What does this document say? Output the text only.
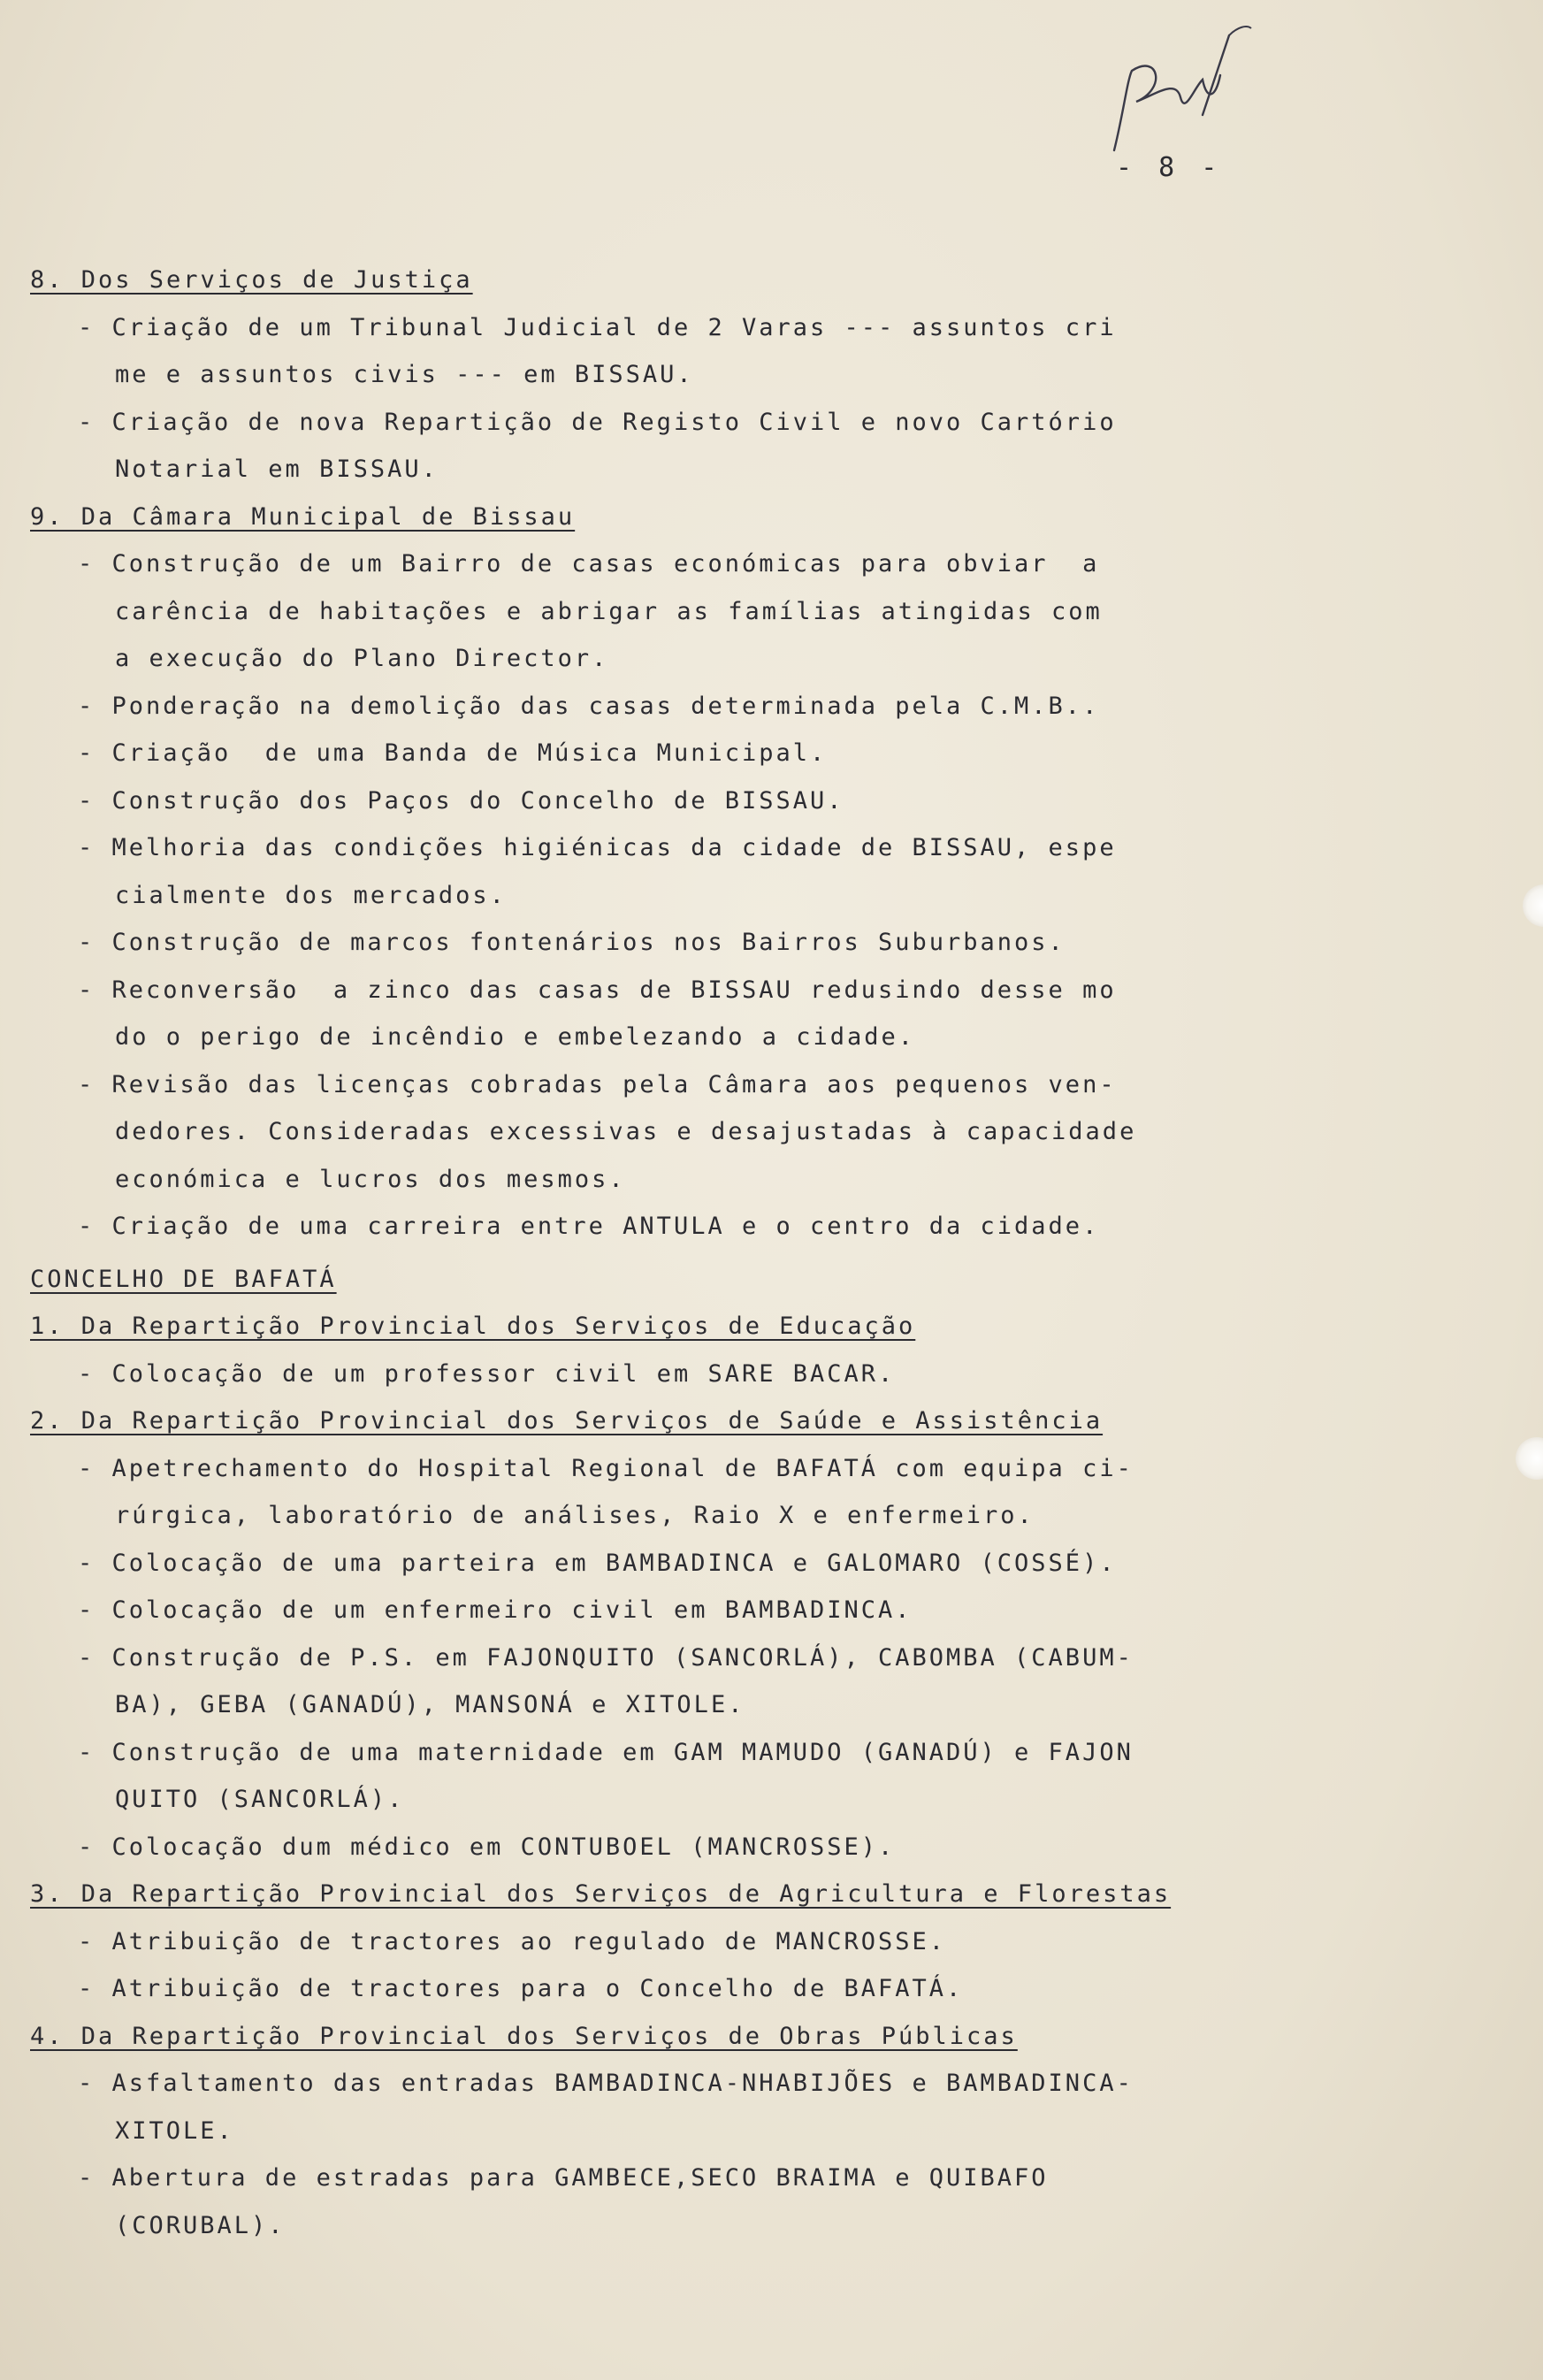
- 8 -
8. Dos Serviços de Justiça
- Criação de um Tribunal Judicial de 2 Varas --- assuntos cri
me e assuntos civis --- em BISSAU.
- Criação de nova Repartição de Registo Civil e novo Cartório
Notarial em BISSAU.
9. Da Câmara Municipal de Bissau
- Construção de um Bairro de casas económicas para obviar  a
carência de habitações e abrigar as famílias atingidas com
a execução do Plano Director.
- Ponderação na demolição das casas determinada pela C.M.B..
- Criação  de uma Banda de Música Municipal.
- Construção dos Paços do Concelho de BISSAU.
- Melhoria das condições higiénicas da cidade de BISSAU, espe
cialmente dos mercados.
- Construção de marcos fontenários nos Bairros Suburbanos.
- Reconversão  a zinco das casas de BISSAU redusindo desse mo
do o perigo de incêndio e embelezando a cidade.
- Revisão das licenças cobradas pela Câmara aos pequenos ven-
dedores. Consideradas excessivas e desajustadas à capacidade
económica e lucros dos mesmos.
- Criação de uma carreira entre ANTULA e o centro da cidade.
CONCELHO DE BAFATÁ
1. Da Repartição Provincial dos Serviços de Educação
- Colocação de um professor civil em SARE BACAR.
2. Da Repartição Provincial dos Serviços de Saúde e Assistência
- Apetrechamento do Hospital Regional de BAFATÁ com equipa ci-
rúrgica, laboratório de análises, Raio X e enfermeiro.
- Colocação de uma parteira em BAMBADINCA e GALOMARO (COSSÉ).
- Colocação de um enfermeiro civil em BAMBADINCA.
- Construção de P.S. em FAJONQUITO (SANCORLÁ), CABOMBA (CABUM-
BA), GEBA (GANADÚ), MANSONÁ e XITOLE.
- Construção de uma maternidade em GAM MAMUDO (GANADÚ) e FAJON
QUITO (SANCORLÁ).
- Colocação dum médico em CONTUBOEL (MANCROSSE).
3. Da Repartição Provincial dos Serviços de Agricultura e Florestas
- Atribuição de tractores ao regulado de MANCROSSE.
- Atribuição de tractores para o Concelho de BAFATÁ.
4. Da Repartição Provincial dos Serviços de Obras Públicas
- Asfaltamento das entradas BAMBADINCA-NHABIJÕES e BAMBADINCA-
XITOLE.
- Abertura de estradas para GAMBECE,SECO BRAIMA e QUIBAFO
(CORUBAL).
